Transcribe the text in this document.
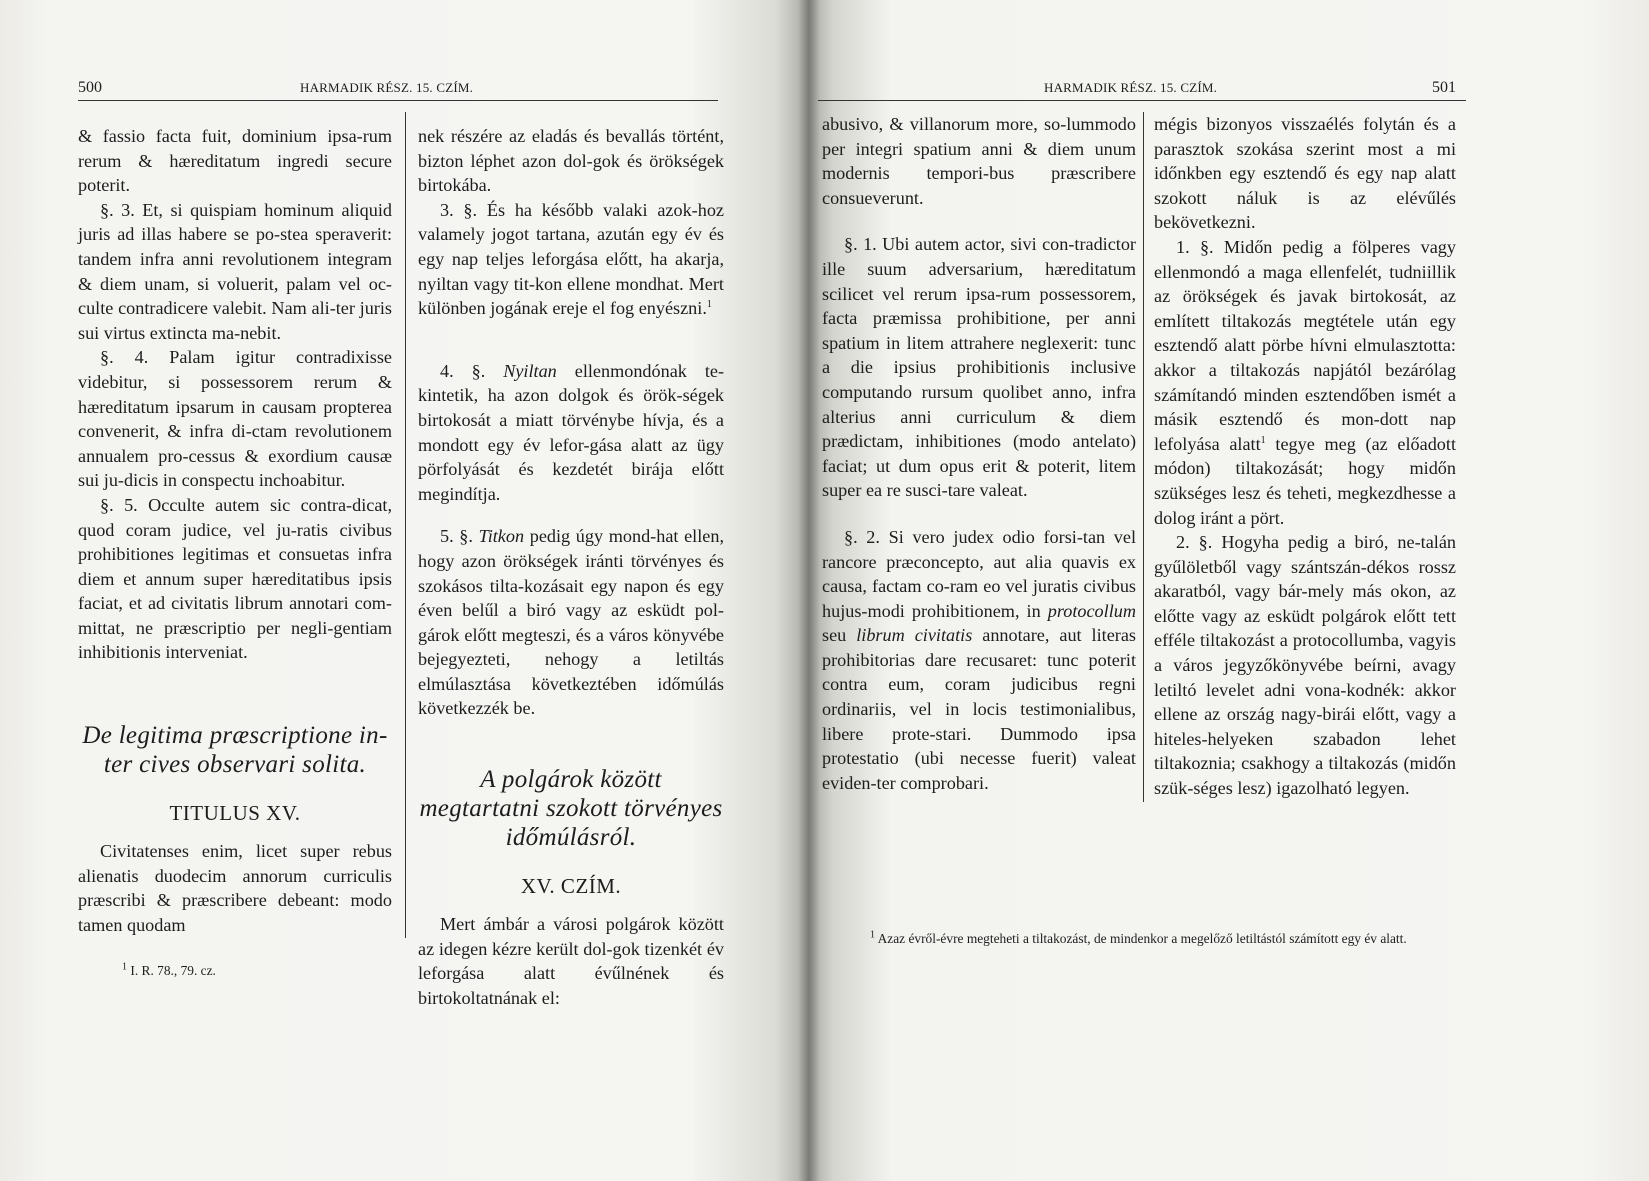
500	HARMADIK RÉSZ. 15. CZÍM.

& fassio facta fuit, dominium ipsa-rum rerum & hæreditatum ingredi secure poterit.

§. 3. Et, si quispiam hominum aliquid juris ad illas habere se po-stea speraverit: tandem infra anni revolutionem integram & diem unam, si voluerit, palam vel oc-culte contradicere valebit. Nam ali-ter juris sui virtus extincta ma-nebit.

§. 4. Palam igitur contradixisse videbitur, si possessorem rerum & hæreditatum ipsarum in causam propterea convenerit, & infra di-ctam revolutionem annualem pro-cessus & exordium causæ sui ju-dicis in conspectu inchoabitur.

§. 5. Occulte autem sic contra-dicat, quod coram judice, vel ju-ratis civibus prohibitiones legitimas et consuetas infra diem et annum super hæreditatibus ipsis faciat, et ad civitatis librum annotari com-mittat, ne præscriptio per negli-gentiam inhibitionis interveniat.

De legitima præscriptione in-ter cives observari solita.
TITULUS XV.

Civitatenses enim, licet super rebus alienatis duodecim annorum curriculis præscribi & præscribere debeant: modo tamen quodam

nek részére az eladás és bevallás történt, bizton léphet azon dol-gok és örökségek birtokába.

3. §. És ha később valaki azok-hoz valamely jogot tartana, azután egy év és egy nap teljes leforgása előtt, ha akarja, nyiltan vagy tit-kon ellene mondhat. Mert különben jogának ereje el fog enyészni.$^1$

4. §. Nyiltan ellenmondónak te-kintetik, ha azon dolgok és örök-ségek birtokosát a miatt törvénybe hívja, és a mondott egy év lefor-gása alatt az ügy pörfolyását és kezdetét birája előtt megindítja.

5. §. Titkon pedig úgy mond-hat ellen, hogy azon örökségek iránti törvényes és szokásos tilta-kozásait egy napon és egy éven belűl a biró vagy az esküdt pol-gárok előtt megteszi, és a város könyvébe bejegyezteti, nehogy a letiltás elmúlasztása következtében időmúlás következzék be.

A polgárok között megtartatni szokott törvényes időmúlásról.
XV. CZÍM.

Mert ámbár a városi polgárok között az idegen kézre került dol-gok tizenkét év leforgása alatt évűlnének és birtokoltatnának el:

$^1$ I. R. 78., 79. cz.
HARMADIK RÉSZ. 15. CZÍM.	501

abusivo, & villanorum more, so-lummodo per integri spatium anni & diem unum modernis tempori-bus præscribere consueverunt.

§. 1. Ubi autem actor, sivi con-tradictor ille suum adversarium, hæreditatum scilicet vel rerum ipsa-rum possessorem, facta præmissa prohibitione, per anni spatium in litem attrahere neglexerit: tunc a die ipsius prohibitionis inclusive computando rursum quolibet anno, infra alterius anni curriculum & diem prædictam, inhibitiones (modo antelato) faciat; ut dum opus erit & poterit, litem super ea re susci-tare valeat.

§. 2. Si vero judex odio forsi-tan vel rancore præconcepto, aut alia quavis ex causa, factam co-ram eo vel juratis civibus hujus-modi prohibitionem, in protocollum seu librum civitatis annotare, aut literas prohibitorias dare recusaret: tunc poterit contra eum, coram judicibus regni ordinariis, vel in locis testimonialibus, libere prote-stari. Dummodo ipsa protestatio (ubi necesse fuerit) valeat eviden-ter comprobari.

mégis bizonyos visszaélés folytán és a parasztok szokása szerint most a mi időnkben egy esztendő és egy nap alatt szokott náluk is az elévűlés bekövetkezni.

1. §. Midőn pedig a fölperes vagy ellenmondó a maga ellenfelét, tudniillik az örökségek és javak birtokosát, az említett tiltakozás megtétele után egy esztendő alatt pörbe hívni elmulasztotta: akkor a tiltakozás napjától bezárólag számítandó minden esztendőben ismét a másik esztendő és mon-dott nap lefolyása alatt$^1$ tegye meg (az előadott módon) tiltakozását; hogy midőn szükséges lesz és teheti, megkezdhesse a dolog iránt a pört.

2. §. Hogyha pedig a biró, ne-talán gyűlöletből vagy szántszán-dékos rossz akaratból, vagy bár-mely más okon, az előtte vagy az esküdt polgárok előtt tett efféle tiltakozást a protocollumba, vagyis a város jegyzőkönyvébe beírni, avagy letiltó levelet adni vona-kodnék: akkor ellene az ország nagy-birái előtt, vagy a hiteles-helyeken szabadon lehet tiltakoznia; csakhogy a tiltakozás (midőn szük-séges lesz) igazolható legyen.

$^1$ Azaz évről-évre megteheti a tiltakozást, de mindenkor a megelőző letiltástól számított egy év alatt.
